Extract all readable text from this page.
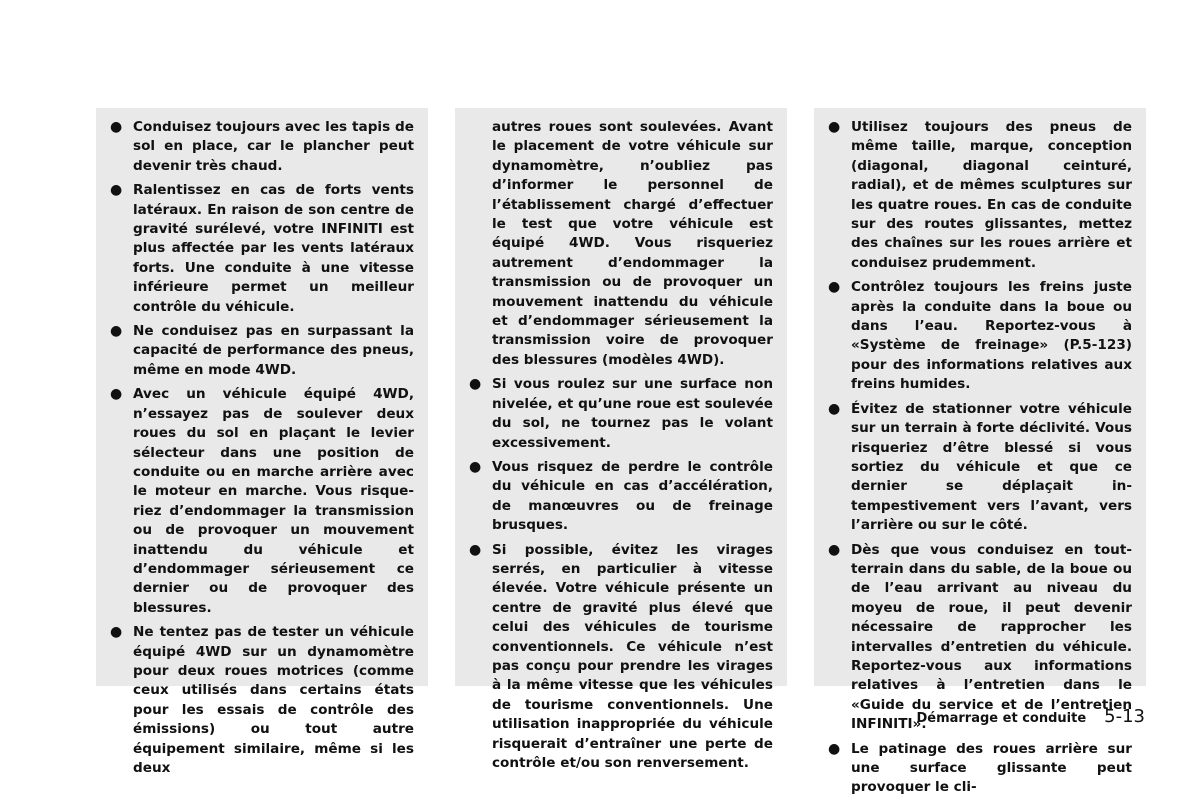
● Conduisez toujours avec les tapis de sol en place, car le plancher peut devenir très chaud.
● Ralentissez en cas de forts vents latéraux. En raison de son centre de gravité surélevé, votre INFINITI est plus affectée par les vents latéraux forts. Une conduite à une vitesse inférieure permet un meilleur contrôle du véhicule.
● Ne conduisez pas en surpassant la capacité de performance des pneus, même en mode 4WD.
● Avec un véhicule équipé 4WD, n’essayez pas de soulever deux roues du sol en plaçant le levier sélecteur dans une position de conduite ou en marche arrière avec le moteur en marche. Vous risqueriez d’endommager la transmission ou de provoquer un mouvement inattendu du véhicule et d’endommager sérieusement ce dernier ou de provoquer des blessures.
● Ne tentez pas de tester un véhicule équipé 4WD sur un dynamomètre pour deux roues motrices (comme ceux utilisés dans certains états pour les essais de contrôle des émissions) ou tout autre équipement similaire, même si les deux
autres roues sont soulevées. Avant le placement de votre véhicule sur dynamomètre, n’oubliez pas d’informer le personnel de l’établissement chargé d’effectuer le test que votre véhicule est équipé 4WD. Vous risqueriez autrement d’endommager la transmission ou de provoquer un mouvement inattendu du véhicule et d’endommager sérieusement la transmission voire de provoquer des blessures (modèles 4WD).
● Si vous roulez sur une surface non nivelée, et qu’une roue est soulevée du sol, ne tournez pas le volant excessivement.
● Vous risquez de perdre le contrôle du véhicule en cas d’accélération, de manœuvres ou de freinage brusques.
● Si possible, évitez les virages serrés, en particulier à vitesse élevée. Votre véhicule présente un centre de gravité plus élevé que celui des véhicules de tourisme conventionnels. Ce véhicule n’est pas conçu pour prendre les virages à la même vitesse que les véhicules de tourisme conventionnels. Une utilisation inappropriée du véhicule risquerait d’entraîner une perte de contrôle et/ou son renversement.
● Utilisez toujours des pneus de même taille, marque, conception (diagonal, diagonal ceinturé, radial), et de mêmes sculptures sur les quatre roues. En cas de conduite sur des routes glissantes, mettez des chaînes sur les roues arrière et conduisez prudemment.
● Contrôlez toujours les freins juste après la conduite dans la boue ou dans l’eau. Reportez-vous à «Système de freinage» (P.5-123) pour des informations relatives aux freins humides.
● Évitez de stationner votre véhicule sur un terrain à forte déclivité. Vous risqueriez d’être blessé si vous sortiez du véhicule et que ce dernier se déplaçait intempestivement vers l’avant, vers l’arrière ou sur le côté.
● Dès que vous conduisez en tout-terrain dans du sable, de la boue ou de l’eau arrivant au niveau du moyeu de roue, il peut devenir nécessaire de rapprocher les intervalles d’entretien du véhicule. Reportez-vous aux informations relatives à l’entretien dans le «Guide du service et de l’entretien INFINITI».
● Le patinage des roues arrière sur une surface glissante peut provoquer le cli-
Démarrage et conduite 5-13
